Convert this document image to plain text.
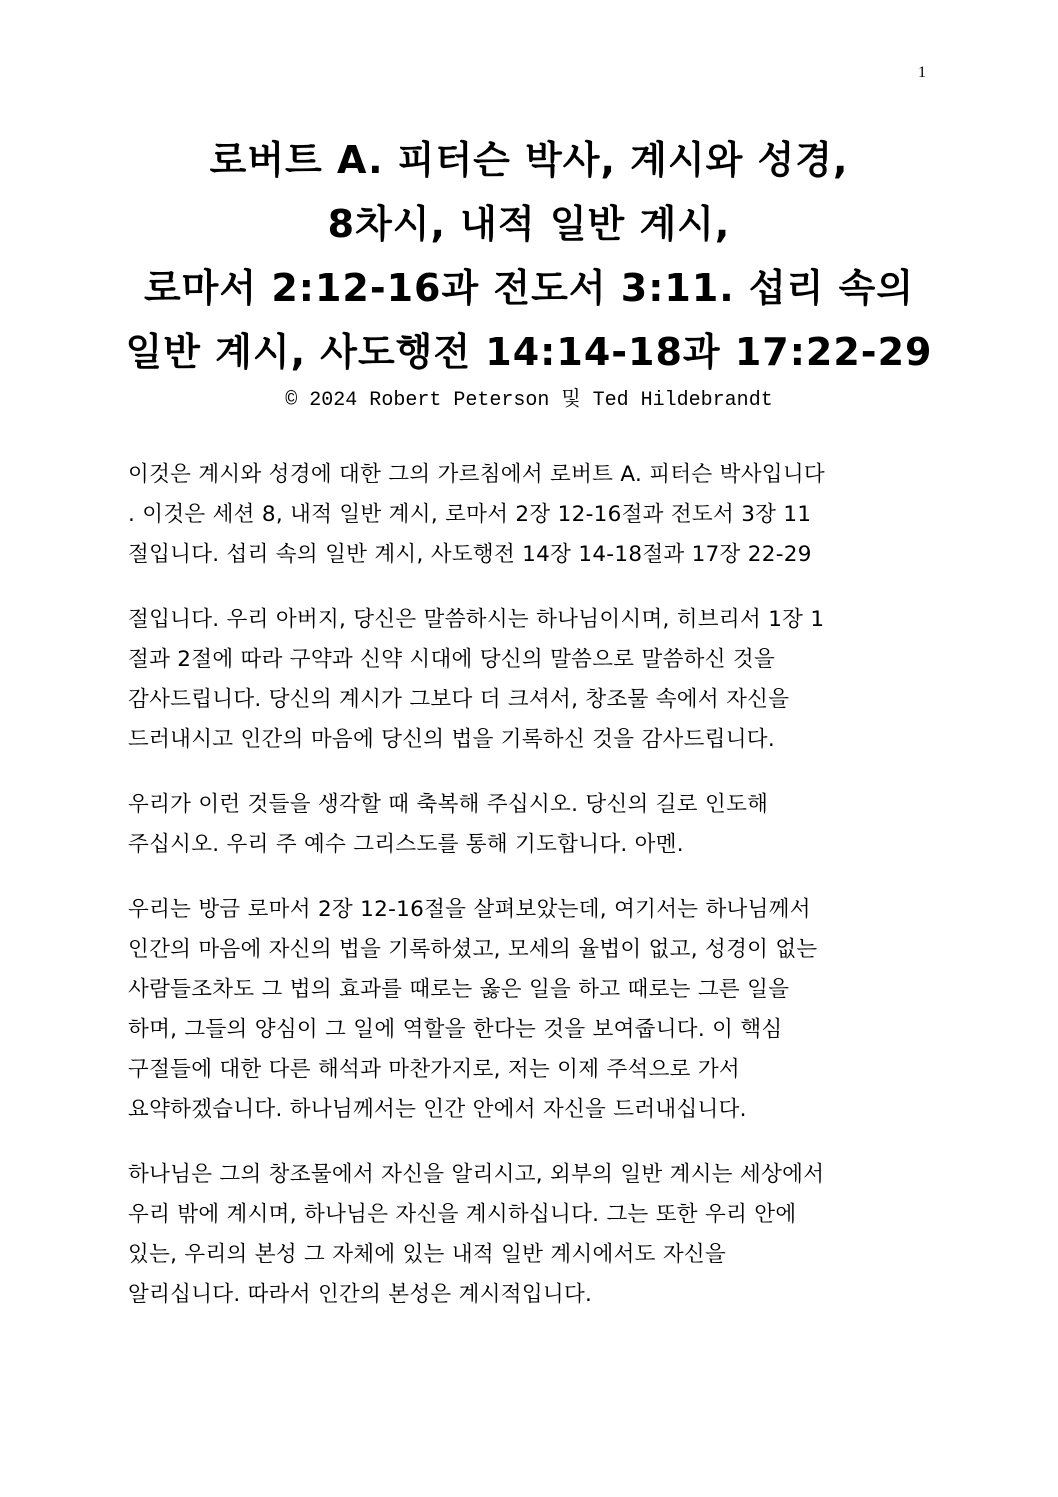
1
로버트 A. 피터슨 박사, 계시와 성경,
8차시, 내적 일반 계시,
로마서 2:12-16과 전도서 3:11. 섭리 속의
일반 계시, 사도행전 14:14-18과 17:22-29
© 2024 Robert Peterson 및 Ted Hildebrandt
이것은 계시와 성경에 대한 그의 가르침에서 로버트 A. 피터슨 박사입니다
. 이것은 세션 8, 내적 일반 계시, 로마서 2장 12-16절과 전도서 3장 11
절입니다. 섭리 속의 일반 계시, 사도행전 14장 14-18절과 17장 22-29
절입니다. 우리 아버지, 당신은 말씀하시는 하나님이시며, 히브리서 1장 1
절과 2절에 따라 구약과 신약 시대에 당신의 말씀으로 말씀하신 것을
감사드립니다. 당신의 계시가 그보다 더 크셔서, 창조물 속에서 자신을
드러내시고 인간의 마음에 당신의 법을 기록하신 것을 감사드립니다.
우리가 이런 것들을 생각할 때 축복해 주십시오. 당신의 길로 인도해
주십시오. 우리 주 예수 그리스도를 통해 기도합니다. 아멘.
우리는 방금 로마서 2장 12-16절을 살펴보았는데, 여기서는 하나님께서
인간의 마음에 자신의 법을 기록하셨고, 모세의 율법이 없고, 성경이 없는
사람들조차도 그 법의 효과를 때로는 옳은 일을 하고 때로는 그른 일을
하며, 그들의 양심이 그 일에 역할을 한다는 것을 보여줍니다. 이 핵심
구절들에 대한 다른 해석과 마찬가지로, 저는 이제 주석으로 가서
요약하겠습니다. 하나님께서는 인간 안에서 자신을 드러내십니다.
하나님은 그의 창조물에서 자신을 알리시고, 외부의 일반 계시는 세상에서
우리 밖에 계시며, 하나님은 자신을 계시하십니다. 그는 또한 우리 안에
있는, 우리의 본성 그 자체에 있는 내적 일반 계시에서도 자신을
알리십니다. 따라서 인간의 본성은 계시적입니다.
